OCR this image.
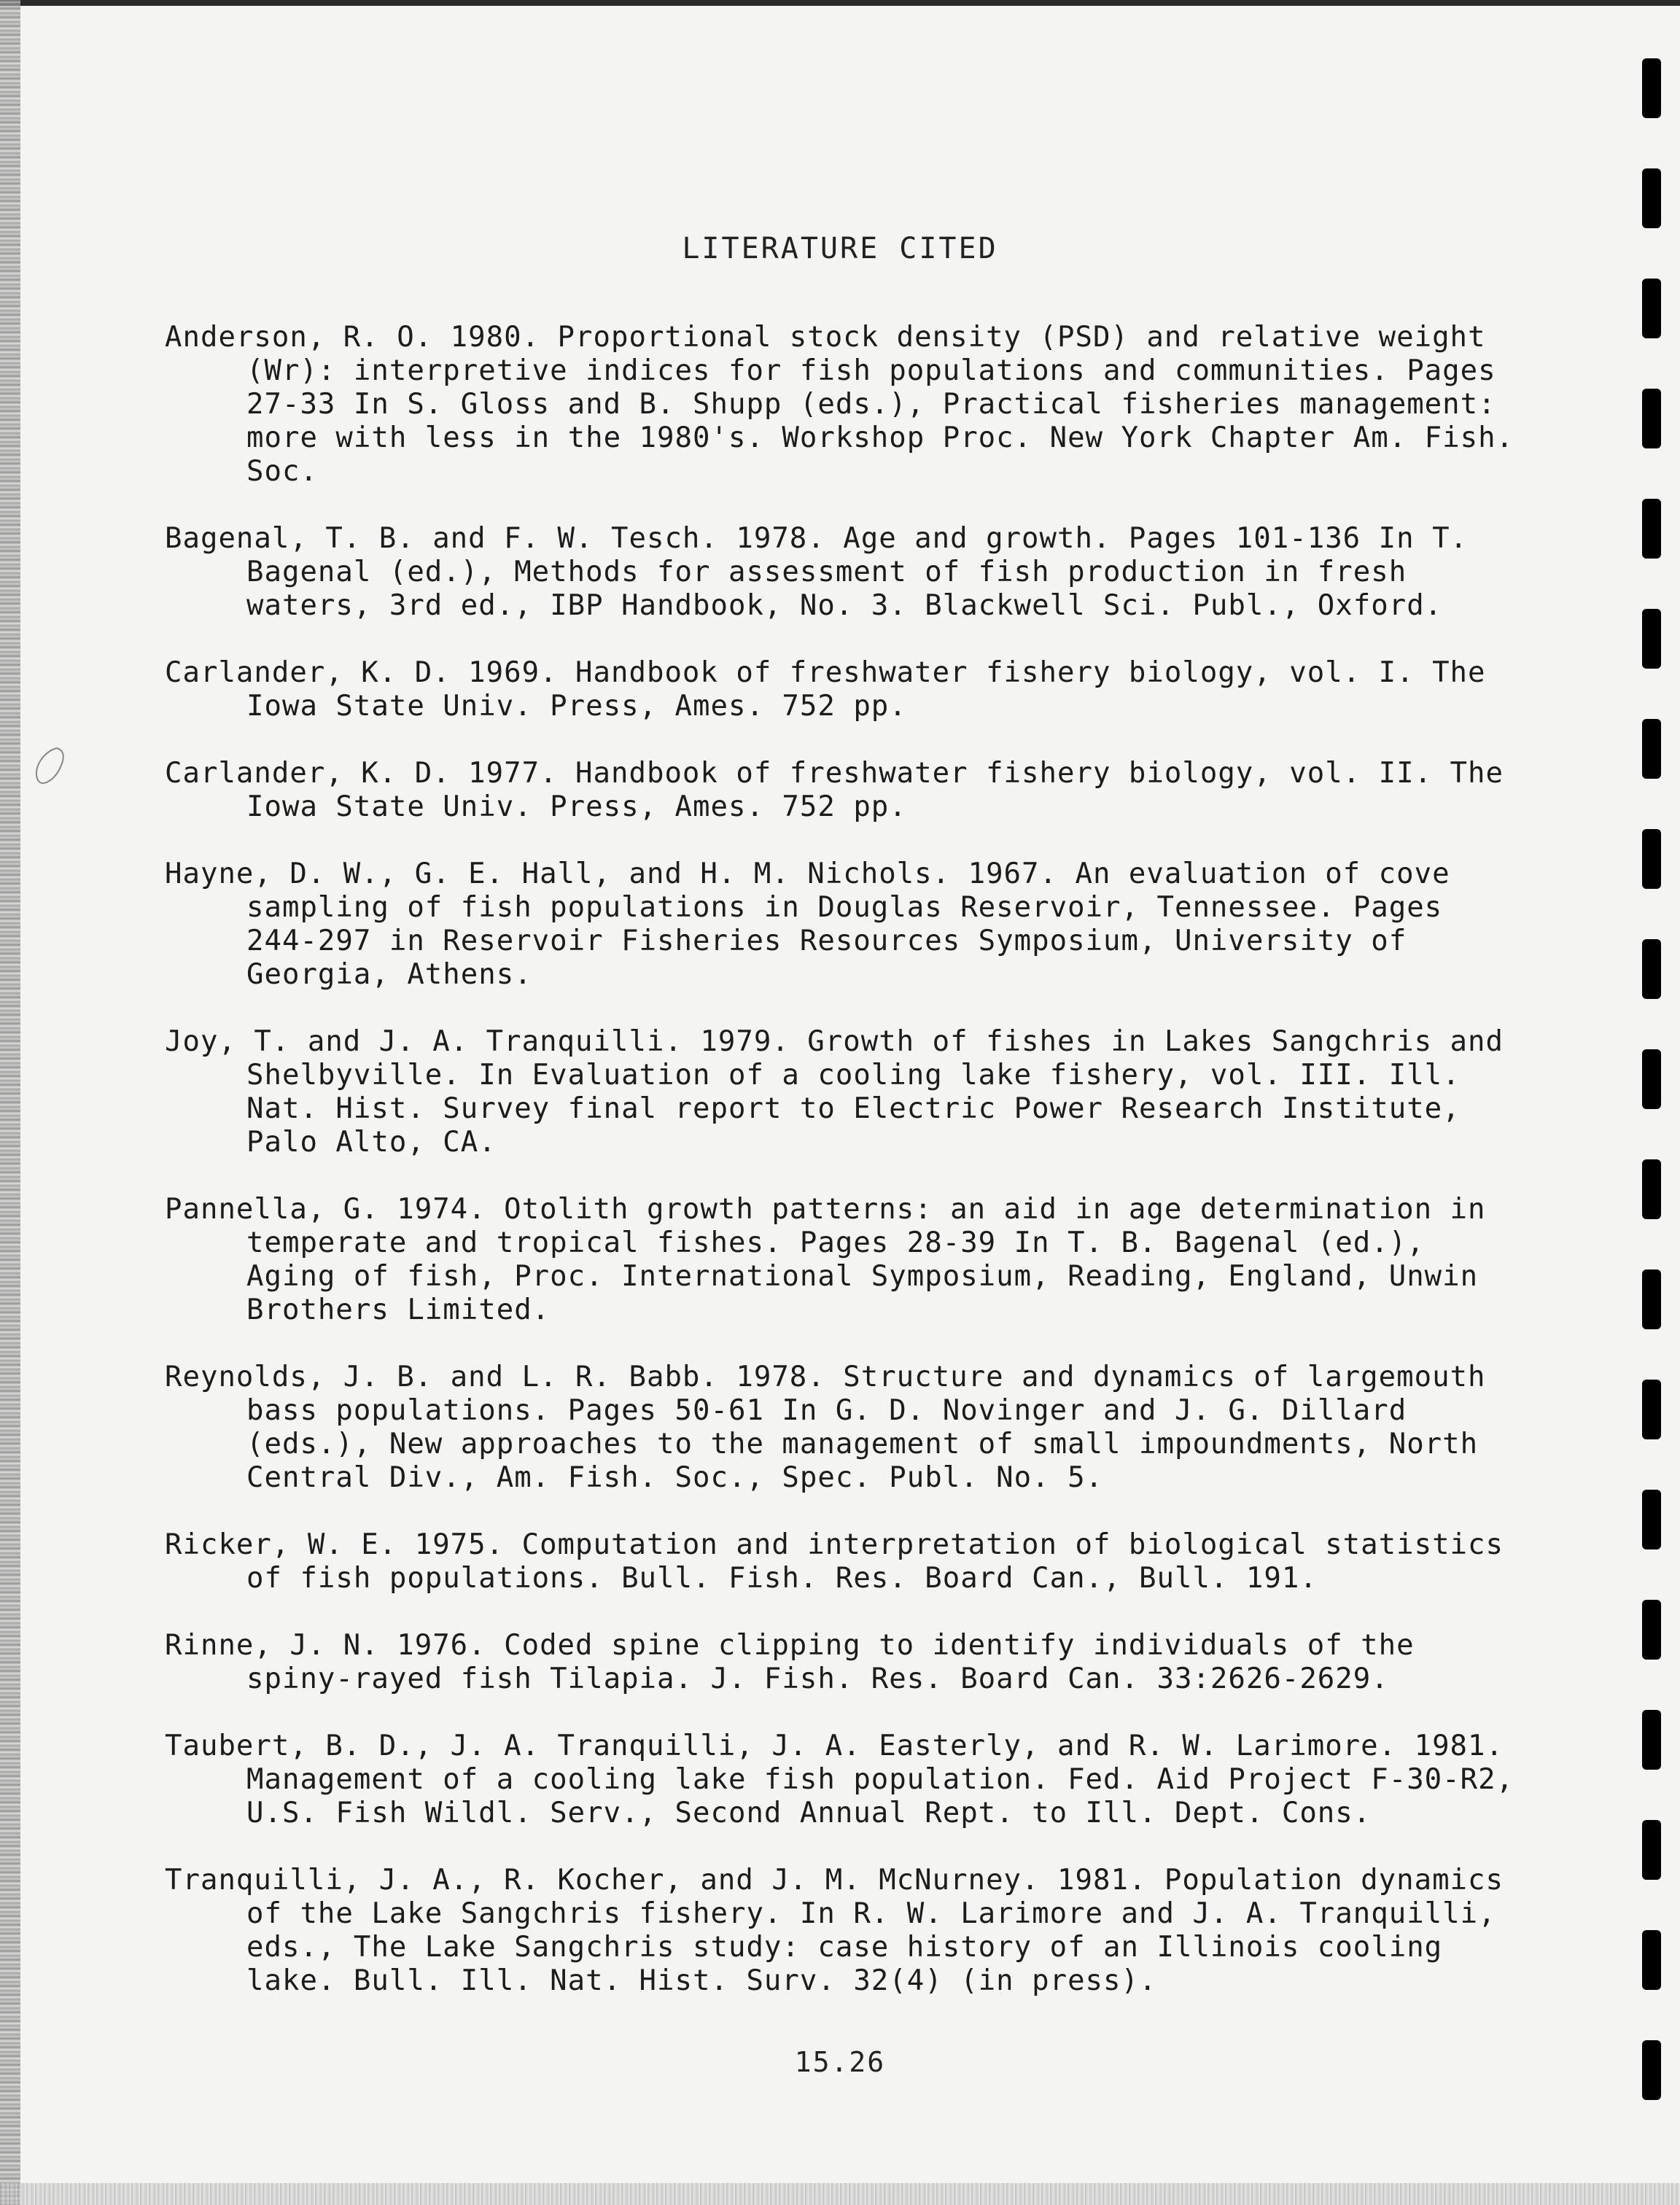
LITERATURE CITED

Anderson, R. O. 1980. Proportional stock density (PSD) and relative weight (Wr): interpretive indices for fish populations and communities. Pages 27-33 In S. Gloss and B. Shupp (eds.), Practical fisheries management: more with less in the 1980's. Workshop Proc. New York Chapter Am. Fish. Soc.

Bagenal, T. B. and F. W. Tesch. 1978. Age and growth. Pages 101-136 In T. Bagenal (ed.), Methods for assessment of fish production in fresh waters, 3rd ed., IBP Handbook, No. 3. Blackwell Sci. Publ., Oxford.

Carlander, K. D. 1969. Handbook of freshwater fishery biology, vol. I. The Iowa State Univ. Press, Ames. 752 pp.

Carlander, K. D. 1977. Handbook of freshwater fishery biology, vol. II. The Iowa State Univ. Press, Ames. 752 pp.

Hayne, D. W., G. E. Hall, and H. M. Nichols. 1967. An evaluation of cove sampling of fish populations in Douglas Reservoir, Tennessee. Pages 244-297 in Reservoir Fisheries Resources Symposium, University of Georgia, Athens.

Joy, T. and J. A. Tranquilli. 1979. Growth of fishes in Lakes Sangchris and Shelbyville. In Evaluation of a cooling lake fishery, vol. III. Ill. Nat. Hist. Survey final report to Electric Power Research Institute, Palo Alto, CA.

Pannella, G. 1974. Otolith growth patterns: an aid in age determination in temperate and tropical fishes. Pages 28-39 In T. B. Bagenal (ed.), Aging of fish, Proc. International Symposium, Reading, England, Unwin Brothers Limited.

Reynolds, J. B. and L. R. Babb. 1978. Structure and dynamics of largemouth bass populations. Pages 50-61 In G. D. Novinger and J. G. Dillard (eds.), New approaches to the management of small impoundments, North Central Div., Am. Fish. Soc., Spec. Publ. No. 5.

Ricker, W. E. 1975. Computation and interpretation of biological statistics of fish populations. Bull. Fish. Res. Board Can., Bull. 191.

Rinne, J. N. 1976. Coded spine clipping to identify individuals of the spiny-rayed fish Tilapia. J. Fish. Res. Board Can. 33:2626-2629.

Taubert, B. D., J. A. Tranquilli, J. A. Easterly, and R. W. Larimore. 1981. Management of a cooling lake fish population. Fed. Aid Project F-30-R2, U.S. Fish Wildl. Serv., Second Annual Rept. to Ill. Dept. Cons.

Tranquilli, J. A., R. Kocher, and J. M. McNurney. 1981. Population dynamics of the Lake Sangchris fishery. In R. W. Larimore and J. A. Tranquilli, eds., The Lake Sangchris study: case history of an Illinois cooling lake. Bull. Ill. Nat. Hist. Surv. 32(4) (in press).

15.26
